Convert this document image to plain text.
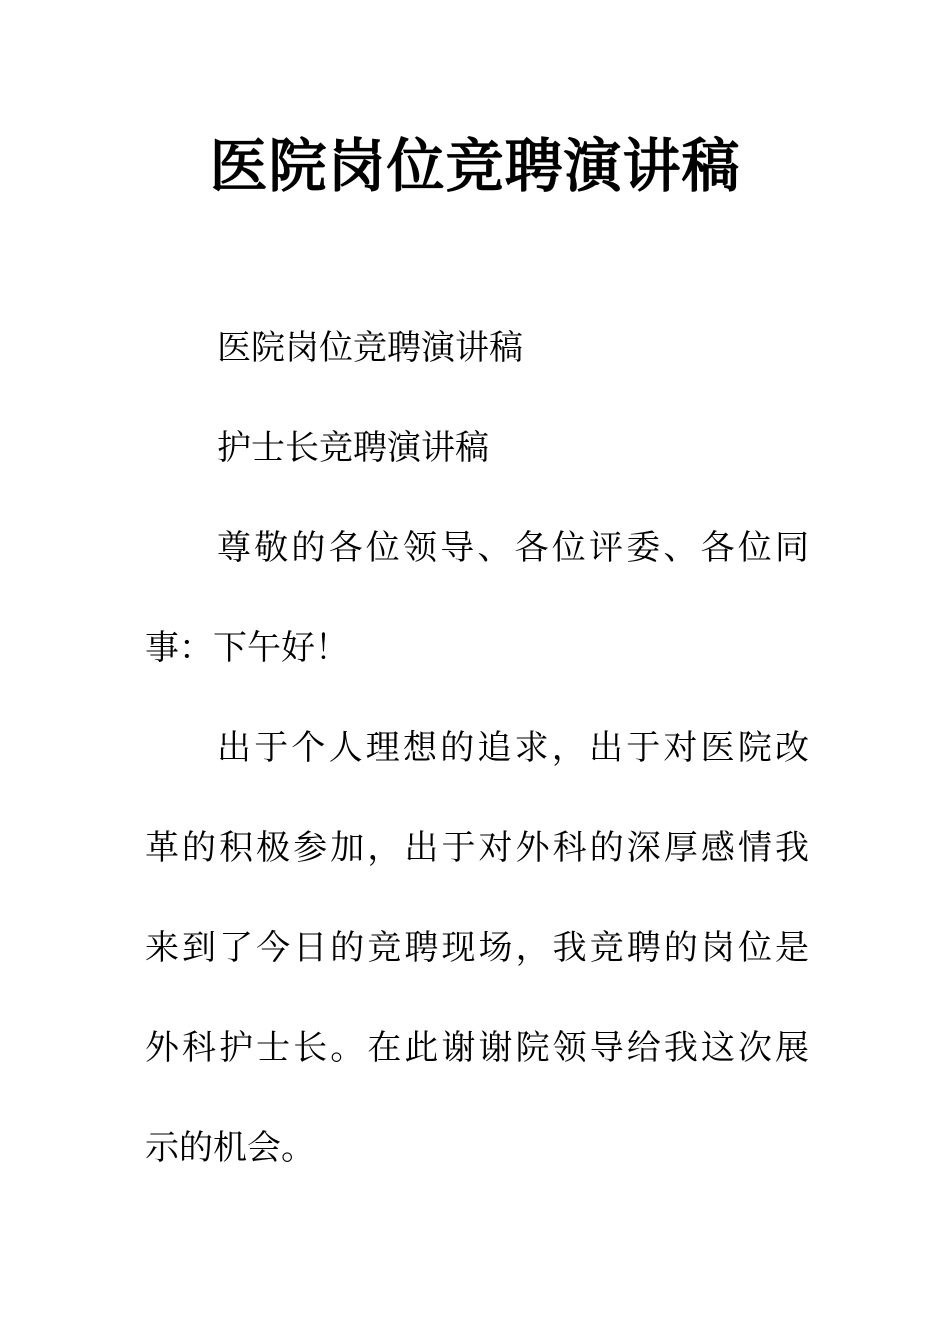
医院岗位竞聘演讲稿
医院岗位竞聘演讲稿
护士长竞聘演讲稿
尊敬的各位领导、各位评委、各位同
事：下午好！
出于个人理想的追求，出于对医院改
革的积极参加，出于对外科的深厚感情我
来到了今日的竞聘现场，我竞聘的岗位是
外科护士长。在此谢谢院领导给我这次展
示的机会。
